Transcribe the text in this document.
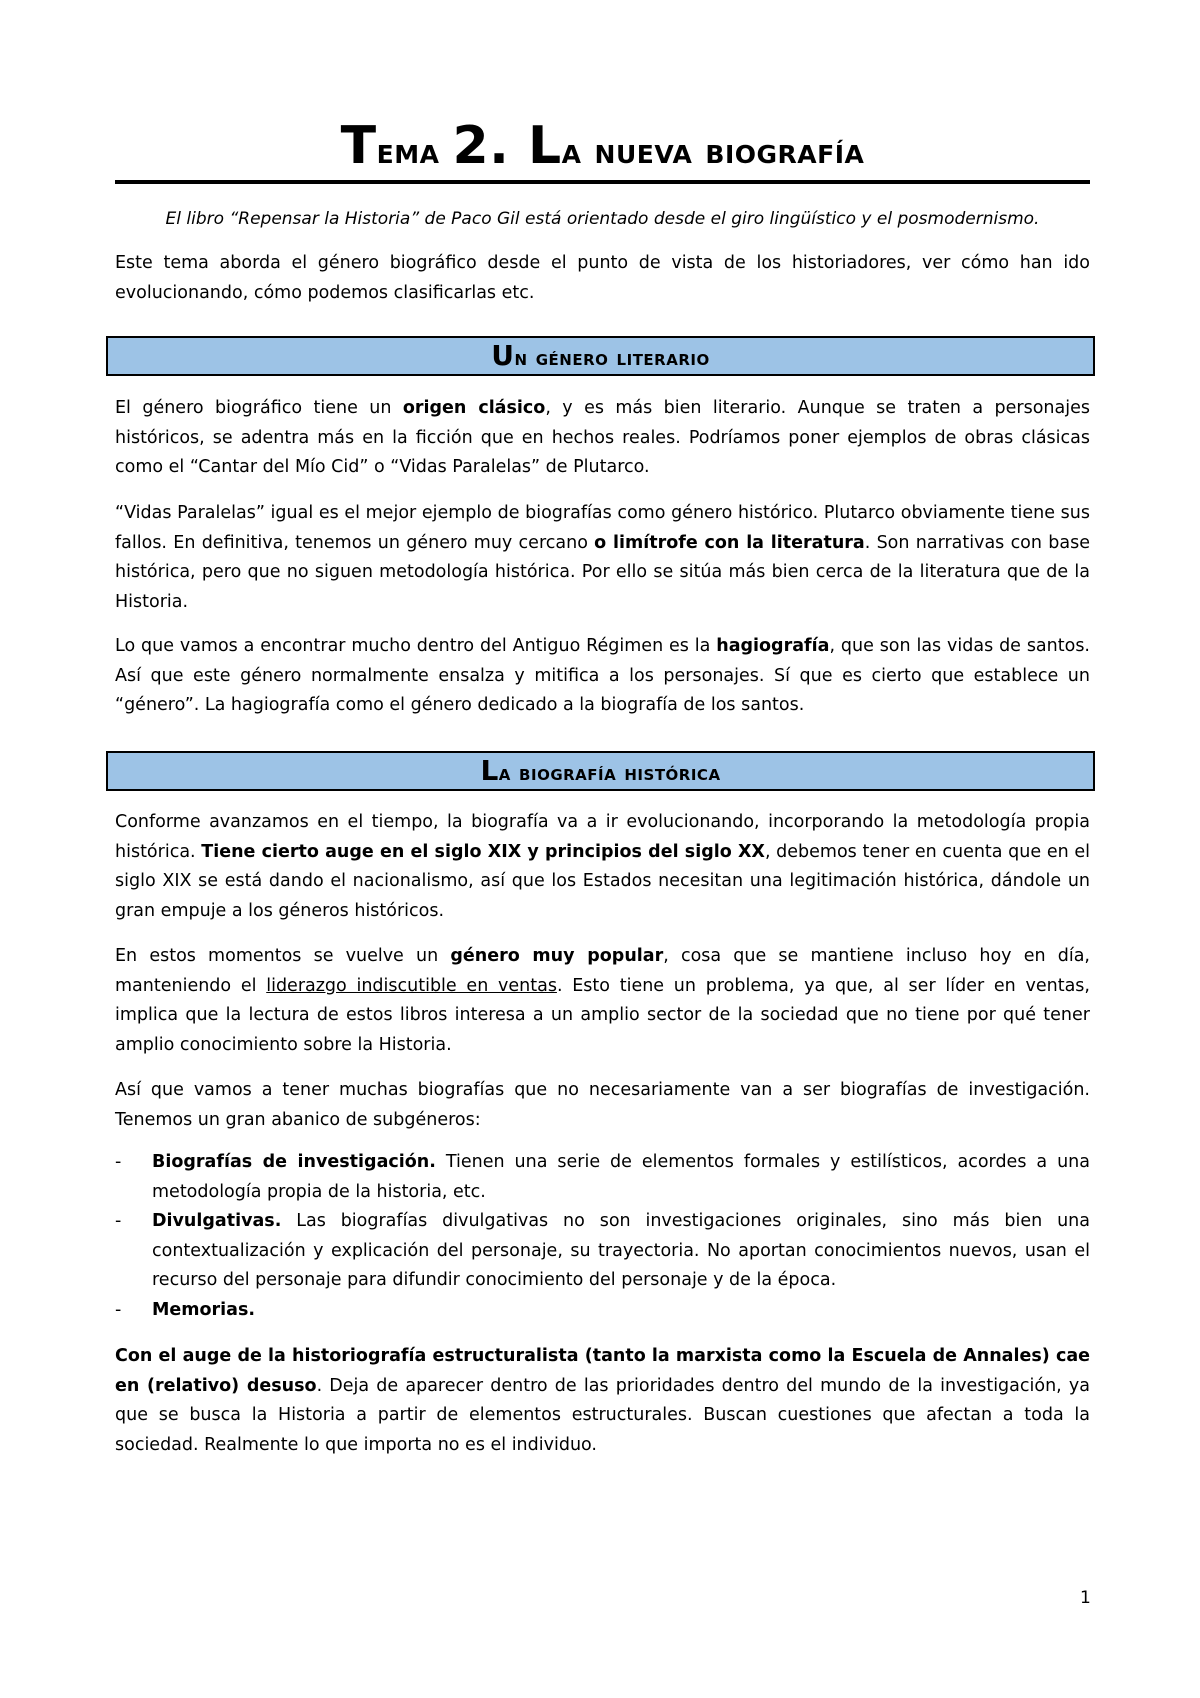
Tema 2. La nueva biografía

El libro “Repensar la Historia” de Paco Gil está orientado desde el giro lingüístico y el posmodernismo.

Este tema aborda el género biográfico desde el punto de vista de los historiadores, ver cómo han ido evolucionando, cómo podemos clasificarlas etc.

Un género literario

El género biográfico tiene un origen clásico, y es más bien literario. Aunque se traten a personajes históricos, se adentra más en la ficción que en hechos reales. Podríamos poner ejemplos de obras clásicas como el “Cantar del Mío Cid” o “Vidas Paralelas” de Plutarco.

“Vidas Paralelas” igual es el mejor ejemplo de biografías como género histórico. Plutarco obviamente tiene sus fallos. En definitiva, tenemos un género muy cercano o limítrofe con la literatura. Son narrativas con base histórica, pero que no siguen metodología histórica. Por ello se sitúa más bien cerca de la literatura que de la Historia.

Lo que vamos a encontrar mucho dentro del Antiguo Régimen es la hagiografía, que son las vidas de santos. Así que este género normalmente ensalza y mitifica a los personajes. Sí que es cierto que establece un “género”. La hagiografía como el género dedicado a la biografía de los santos.

La biografía histórica

Conforme avanzamos en el tiempo, la biografía va a ir evolucionando, incorporando la metodología propia histórica. Tiene cierto auge en el siglo XIX y principios del siglo XX, debemos tener en cuenta que en el siglo XIX se está dando el nacionalismo, así que los Estados necesitan una legitimación histórica, dándole un gran empuje a los géneros históricos.

En estos momentos se vuelve un género muy popular, cosa que se mantiene incluso hoy en día, manteniendo el liderazgo indiscutible en ventas. Esto tiene un problema, ya que, al ser líder en ventas, implica que la lectura de estos libros interesa a un amplio sector de la sociedad que no tiene por qué tener amplio conocimiento sobre la Historia.

Así que vamos a tener muchas biografías que no necesariamente van a ser biografías de investigación. Tenemos un gran abanico de subgéneros:

- Biografías de investigación. Tienen una serie de elementos formales y estilísticos, acordes a una metodología propia de la historia, etc.
- Divulgativas. Las biografías divulgativas no son investigaciones originales, sino más bien una contextualización y explicación del personaje, su trayectoria. No aportan conocimientos nuevos, usan el recurso del personaje para difundir conocimiento del personaje y de la época.
- Memorias.

Con el auge de la historiografía estructuralista (tanto la marxista como la Escuela de Annales) cae en (relativo) desuso. Deja de aparecer dentro de las prioridades dentro del mundo de la investigación, ya que se busca la Historia a partir de elementos estructurales. Buscan cuestiones que afectan a toda la sociedad. Realmente lo que importa no es el individuo.

1
